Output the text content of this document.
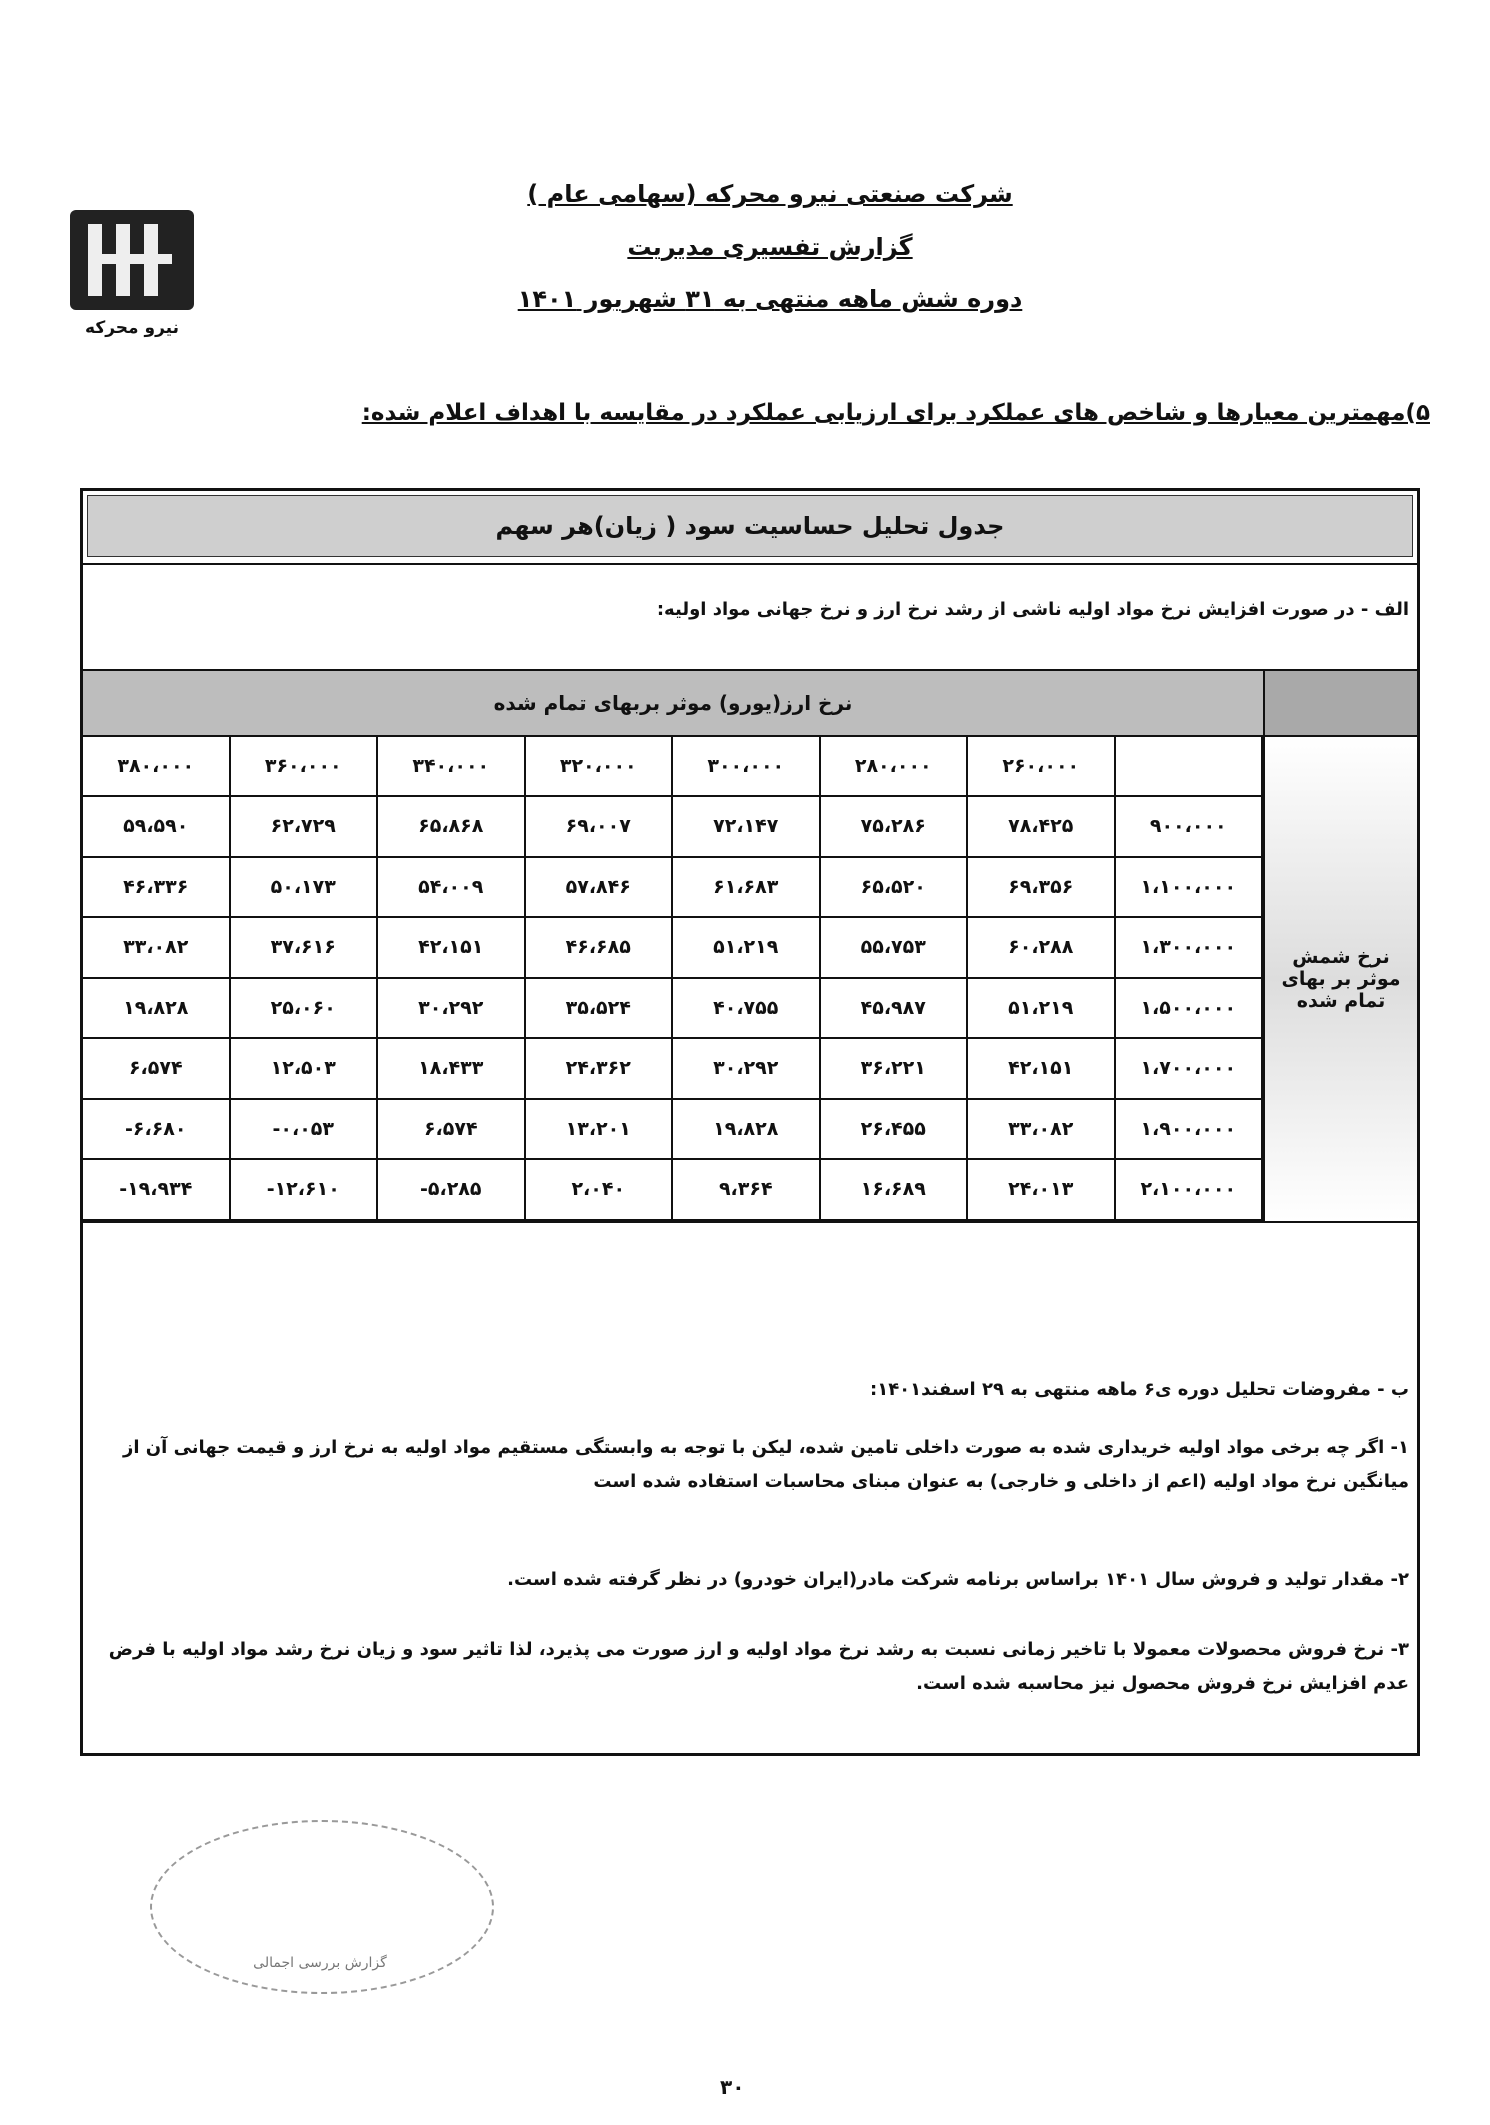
نیرو محرکه
شرکت صنعتی نیرو محرکه (سهامی عام )
گزارش تفسیری مدیریت
دوره شش ماهه منتهی به ۳۱ شهریور ۱۴۰۱
۵)مهمترین معیارها و شاخص های عملکرد برای ارزیابی عملکرد در مقایسه با اهداف اعلام شده:
جدول تحلیل حساسیت سود ( زیان)هر سهم
الف - در صورت افزایش نرخ مواد اولیه ناشی از رشد نرخ ارز و نرخ جهانی مواد اولیه:
نرخ ارز(یورو) موثر بربهای تمام شده
نرخ شمش موثر بر بهای تمام شده
۲۶۰،۰۰۰
۲۸۰،۰۰۰
۳۰۰،۰۰۰
۳۲۰،۰۰۰
۳۴۰،۰۰۰
۳۶۰،۰۰۰
۳۸۰،۰۰۰
۹۰۰،۰۰۰
۷۸،۴۲۵
۷۵،۲۸۶
۷۲،۱۴۷
۶۹،۰۰۷
۶۵،۸۶۸
۶۲،۷۲۹
۵۹،۵۹۰
۱،۱۰۰،۰۰۰
۶۹،۳۵۶
۶۵،۵۲۰
۶۱،۶۸۳
۵۷،۸۴۶
۵۴،۰۰۹
۵۰،۱۷۳
۴۶،۳۳۶
۱،۳۰۰،۰۰۰
۶۰،۲۸۸
۵۵،۷۵۳
۵۱،۲۱۹
۴۶،۶۸۵
۴۲،۱۵۱
۳۷،۶۱۶
۳۳،۰۸۲
۱،۵۰۰،۰۰۰
۵۱،۲۱۹
۴۵،۹۸۷
۴۰،۷۵۵
۳۵،۵۲۴
۳۰،۲۹۲
۲۵،۰۶۰
۱۹،۸۲۸
۱،۷۰۰،۰۰۰
۴۲،۱۵۱
۳۶،۲۲۱
۳۰،۲۹۲
۲۴،۳۶۲
۱۸،۴۳۳
۱۲،۵۰۳
۶،۵۷۴
۱،۹۰۰،۰۰۰
۳۳،۰۸۲
۲۶،۴۵۵
۱۹،۸۲۸
۱۳،۲۰۱
۶،۵۷۴
-۰،۰۵۳
-۶،۶۸۰
۲،۱۰۰،۰۰۰
۲۴،۰۱۳
۱۶،۶۸۹
۹،۳۶۴
۲،۰۴۰
-۵،۲۸۵
-۱۲،۶۱۰
-۱۹،۹۳۴
ب - مفروضات تحلیل دوره ی۶ ماهه منتهی به ۲۹ اسفند۱۴۰۱:
۱- اگر چه برخی مواد اولیه خریداری شده به صورت داخلی تامین شده، لیکن با توجه به وابستگی مستقیم مواد اولیه به نرخ ارز و قیمت جهانی آن از میانگین نرخ مواد اولیه (اعم از داخلی و خارجی) به عنوان مبنای محاسبات استفاده شده است
۲- مقدار تولید و فروش سال ۱۴۰۱ براساس برنامه شرکت مادر(ایران خودرو) در نظر گرفته شده است.
۳- نرخ فروش محصولات معمولا با تاخیر زمانی نسبت به رشد نرخ مواد اولیه و ارز صورت می پذیرد، لذا تاثیر سود و زیان نرخ رشد مواد اولیه با فرض عدم افزایش نرخ فروش محصول نیز محاسبه شده است.
گزارش بررسی اجمالی
۳۰
